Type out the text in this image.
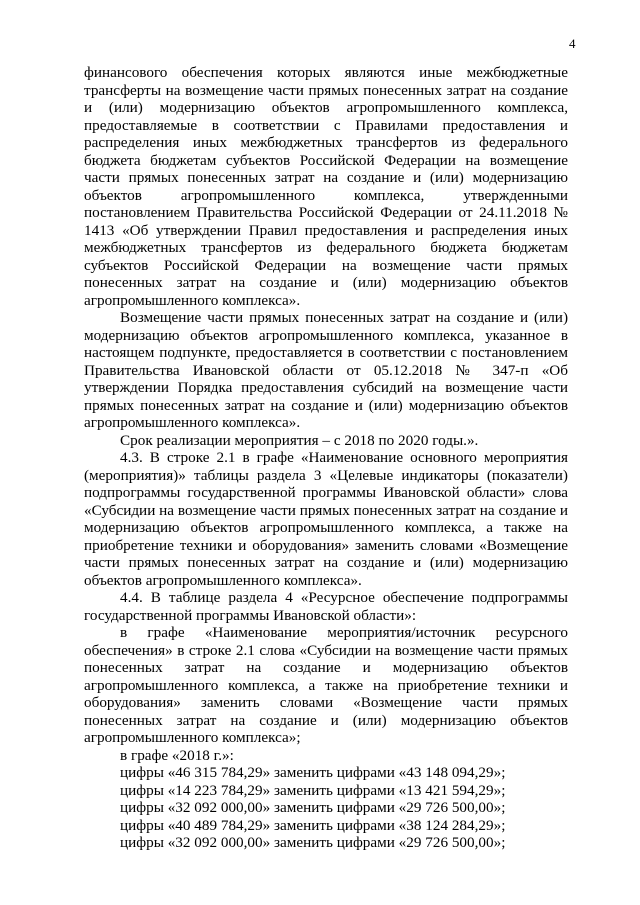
4

финансового обеспечения которых являются иные межбюджетные трансферты на возмещение части прямых понесенных затрат на создание и (или) модернизацию объектов агропромышленного комплекса, предоставляемые в соответствии с Правилами предоставления и распределения иных межбюджетных трансфертов из федерального бюджета бюджетам субъектов Российской Федерации на возмещение части прямых понесенных затрат на создание и (или) модернизацию объектов агропромышленного комплекса, утвержденными постановлением Правительства Российской Федерации от 24.11.2018 № 1413 «Об утверждении Правил предоставления и распределения иных межбюджетных трансфертов из федерального бюджета бюджетам субъектов Российской Федерации на возмещение части прямых понесенных затрат на создание и (или) модернизацию объектов агропромышленного комплекса».

Возмещение части прямых понесенных затрат на создание и (или) модернизацию объектов агропромышленного комплекса, указанное в настоящем подпункте, предоставляется в соответствии с постановлением Правительства Ивановской области от 05.12.2018 № 347-п «Об утверждении Порядка предоставления субсидий на возмещение части прямых понесенных затрат на создание и (или) модернизацию объектов агропромышленного комплекса».

Срок реализации мероприятия – с 2018 по 2020 годы.».

4.3. В строке 2.1 в графе «Наименование основного мероприятия (мероприятия)» таблицы раздела 3 «Целевые индикаторы (показатели) подпрограммы государственной программы Ивановской области» слова «Субсидии на возмещение части прямых понесенных затрат на создание и модернизацию объектов агропромышленного комплекса, а также на приобретение техники и оборудования» заменить словами «Возмещение части прямых понесенных затрат на создание и (или) модернизацию объектов агропромышленного комплекса».

4.4. В таблице раздела 4 «Ресурсное обеспечение подпрограммы государственной программы Ивановской области»:

в графе «Наименование мероприятия/источник ресурсного обеспечения» в строке 2.1 слова «Субсидии на возмещение части прямых понесенных затрат на создание и модернизацию объектов агропромышленного комплекса, а также на приобретение техники и оборудования» заменить словами «Возмещение части прямых понесенных затрат на создание и (или) модернизацию объектов агропромышленного комплекса»;

в графе «2018 г.»:
цифры «46 315 784,29» заменить цифрами «43 148 094,29»;
цифры «14 223 784,29» заменить цифрами «13 421 594,29»;
цифры «32 092 000,00» заменить цифрами «29 726 500,00»;
цифры «40 489 784,29» заменить цифрами «38 124 284,29»;
цифры «32 092 000,00» заменить цифрами «29 726 500,00»;
